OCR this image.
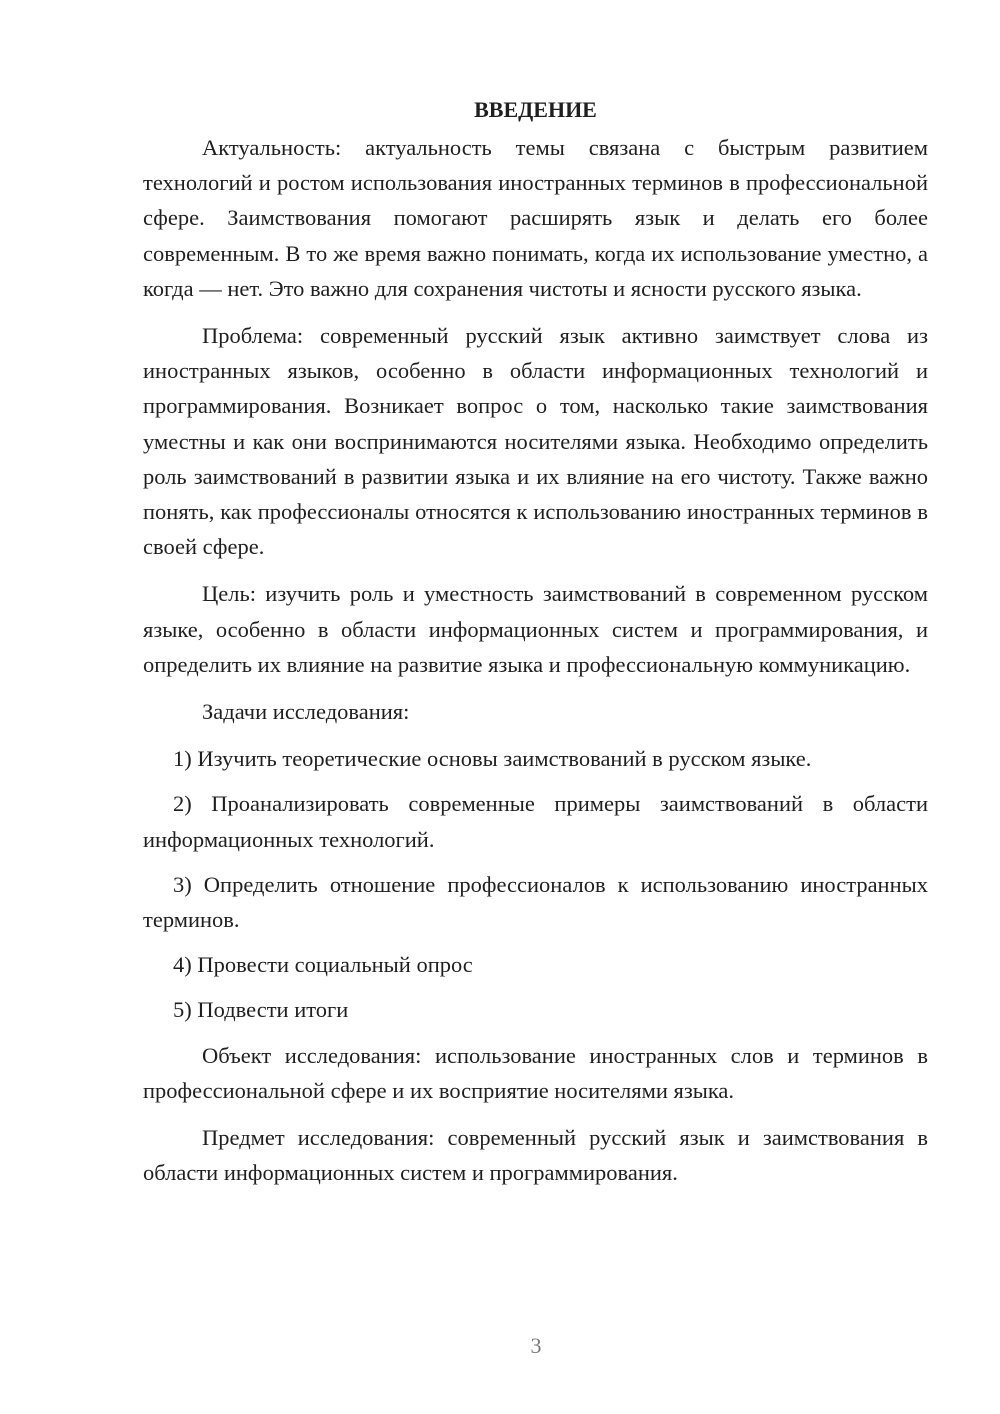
ВВЕДЕНИЕ

Актуальность: актуальность темы связана с быстрым развитием технологий и ростом использования иностранных терминов в профессиональной сфере. Заимствования помогают расширять язык и делать его более современным. В то же время важно понимать, когда их использование уместно, а когда — нет. Это важно для сохранения чистоты и ясности русского языка.

Проблема: современный русский язык активно заимствует слова из иностранных языков, особенно в области информационных технологий и программирования. Возникает вопрос о том, насколько такие заимствования уместны и как они воспринимаются носителями языка. Необходимо определить роль заимствований в развитии языка и их влияние на его чистоту. Также важно понять, как профессионалы относятся к использованию иностранных терминов в своей сфере.

Цель: изучить роль и уместность заимствований в современном русском языке, особенно в области информационных систем и программирования, и определить их влияние на развитие языка и профессиональную коммуникацию.

Задачи исследования:

1) Изучить теоретические основы заимствований в русском языке.

2) Проанализировать современные примеры заимствований в области информационных технологий.

3) Определить отношение профессионалов к использованию иностранных терминов.

4) Провести социальный опрос

5) Подвести итоги

Объект исследования: использование иностранных слов и терминов в профессиональной сфере и их восприятие носителями языка.

Предмет исследования: современный русский язык и заимствования в области информационных систем и программирования.

3
